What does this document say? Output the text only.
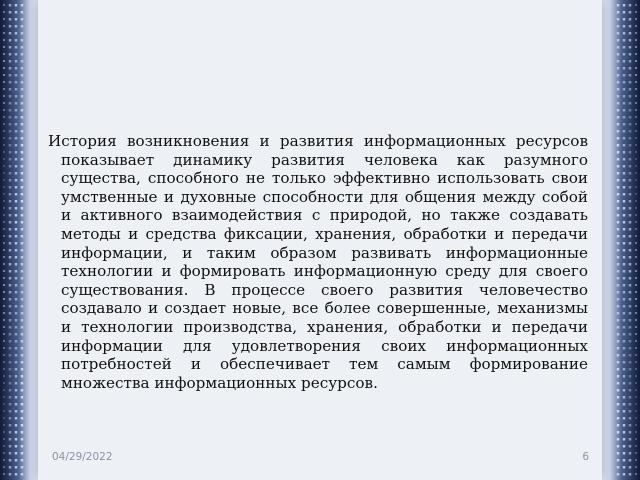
История возникновения и развития информационных ресурсов показывает динамику развития человека как разумного существа, способного не только эффективно использовать свои умственные и духовные способности для общения между собой и активного взаимодействия с природой, но также создавать методы и средства фиксации, хранения, обработки и передачи информации, и таким образом развивать информационные технологии и формировать информационную среду для своего существования. В процессе своего развития человечество создавало и создает новые, все более совершенные, механизмы и технологии производства, хранения, обработки и передачи информации для удовлетворения своих информационных потребностей и обеспечивает тем самым формирование множества информационных ресурсов.

04/29/2022	6
